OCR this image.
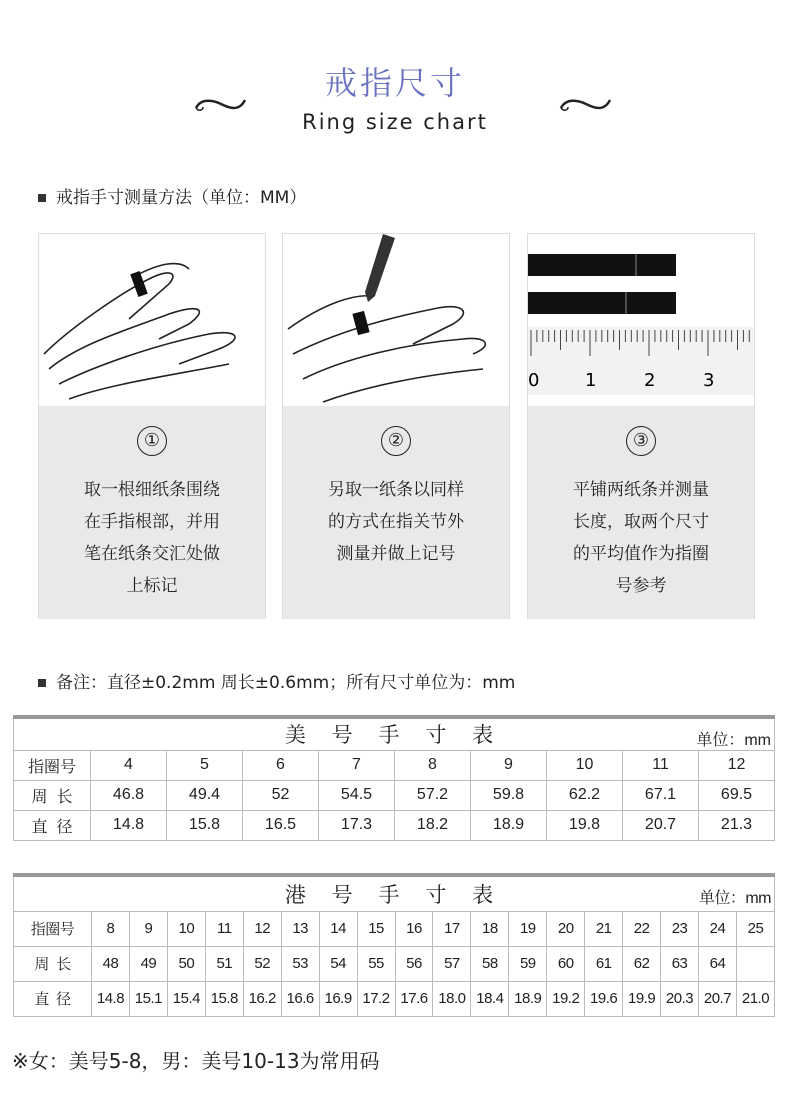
戒指尺寸
Ring size chart
戒指手寸测量方法（单位：MM）
①
取一根细纸条围绕
在手指根部，并用
笔在纸条交汇处做
上标记
②
另取一纸条以同样
的方式在指关节外
测量并做上记号
0	1	2	3
③
平铺两纸条并测量
长度，取两个尺寸
的平均值作为指圈
号参考
备注：直径±0.2mm 周长±0.6mm；所有尺寸单位为：mm
美 号 手 寸 表 单位：mm									

指圈号	4	5	6	7	8	9	10	11	12
周  长	46.8	49.4	52	54.5	57.2	59.8	62.2	67.1	69.5
直  径	14.8	15.8	16.5	17.3	18.2	18.9	19.8	20.7	21.3
港 号 手 寸 表 单位：mm																		

指圈号	8	9	10	11	12	13	14	15	16	17	18	19	20	21	22	23	24	25
周  长	48	49	50	51	52	53	54	55	56	57	58	59	60	61	62	63	64	
直  径	14.8	15.1	15.4	15.8	16.2	16.6	16.9	17.2	17.6	18.0	18.4	18.9	19.2	19.6	19.9	20.3	20.7	21.0
※女：美号5-8，男：美号10-13为常用码
